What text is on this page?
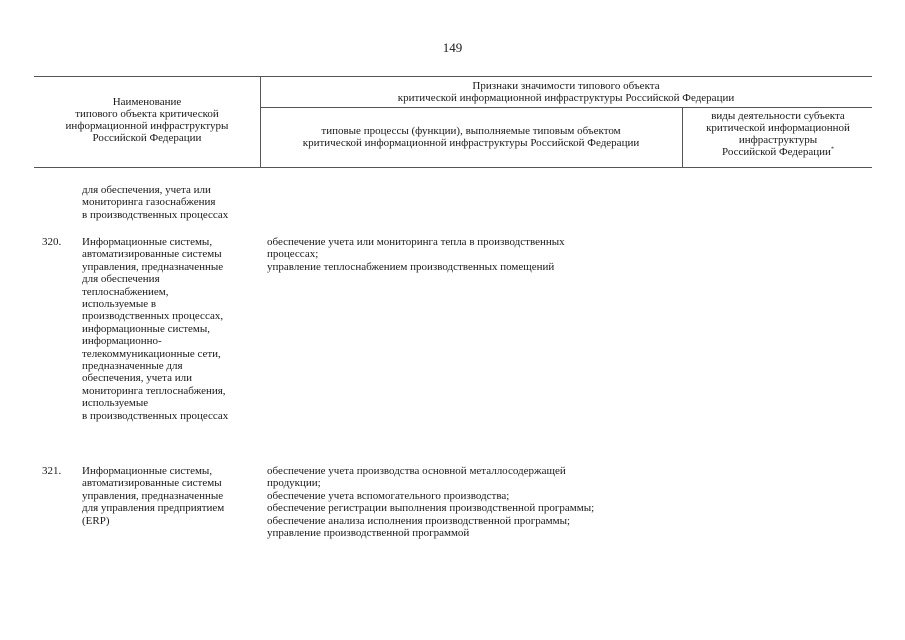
149
Наименование
типового объекта критической
информационной инфраструктуры
Российской Федерации
Признаки значимости типового объекта
критической информационной инфраструктуры Российской Федерации
типовые процессы (функции), выполняемые типовым объектом
критической информационной инфраструктуры Российской Федерации
виды деятельности субъекта
критической информационной
инфраструктуры
Российской Федерации*
для обеспечения, учета или
мониторинга газоснабжения
в производственных процессах
320. Информационные системы,
автоматизированные системы
управления, предназначенные
для обеспечения
теплоснабжением,
используемые в
производственных процессах,
информационные системы,
информационно-
телекоммуникационные сети,
предназначенные для
обеспечения, учета или
мониторинга теплоснабжения,
используемые
в производственных процессах
обеспечение учета или мониторинга тепла в производственных
процессах;
управление теплоснабжением производственных помещений
321. Информационные системы,
автоматизированные системы
управления, предназначенные
для управления предприятием
(ERP)
обеспечение учета производства основной металлосодержащей
продукции;
обеспечение учета вспомогательного производства;
обеспечение регистрации выполнения производственной программы;
обеспечение анализа исполнения производственной программы;
управление производственной программой
